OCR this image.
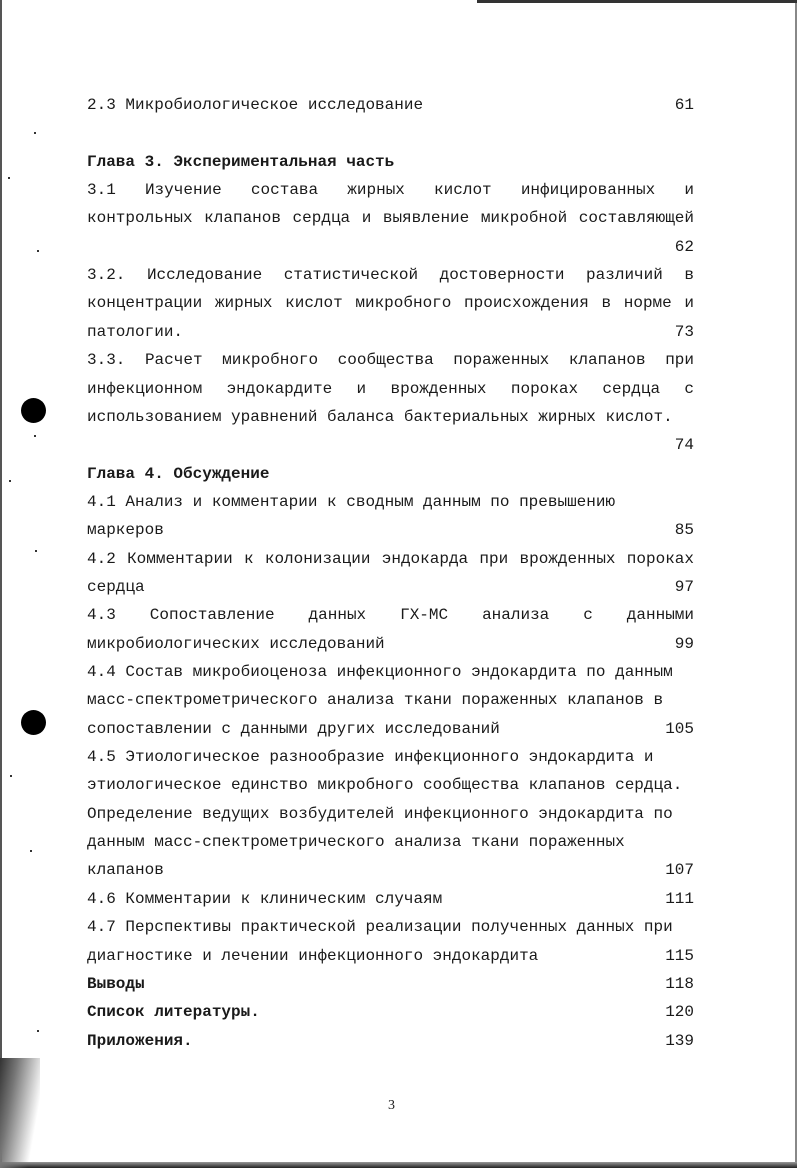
2.3 Микробиологическое исследование	61
Глава 3. Экспериментальная часть
3.1 Изучение состава жирных кислот инфицированных и
контрольных клапанов сердца и выявление микробной составляющей
62
3.2. Исследование статистической достоверности различий в
концентрации жирных кислот микробного происхождения в норме и
патологии.	73
3.3. Расчет микробного сообщества пораженных клапанов при
инфекционном эндокардите и врожденных пороках сердца с
использованием уравнений баланса бактериальных жирных кислот.
74
Глава 4. Обсуждение
4.1 Анализ и комментарии к сводным данным по превышению
маркеров	85
4.2 Комментарии к колонизации эндокарда при врожденных пороках
сердца	97
4.3 Сопоставление данных ГХ-МС анализа с данными
микробиологических исследований	99
4.4 Состав микробиоценоза инфекционного эндокардита по данным
масс-спектрометрического анализа ткани пораженных клапанов в
сопоставлении с данными других исследований	105
4.5 Этиологическое разнообразие инфекционного эндокардита и
этиологическое единство микробного сообщества клапанов сердца.
Определение ведущих возбудителей инфекционного эндокардита по
данным масс-спектрометрического анализа ткани пораженных
клапанов	107
4.6 Комментарии к клиническим случаям	111
4.7 Перспективы практической реализации полученных данных при
диагностике и лечении инфекционного эндокардита	115
Выводы	118
Список литературы.	120
Приложения.	139
3
